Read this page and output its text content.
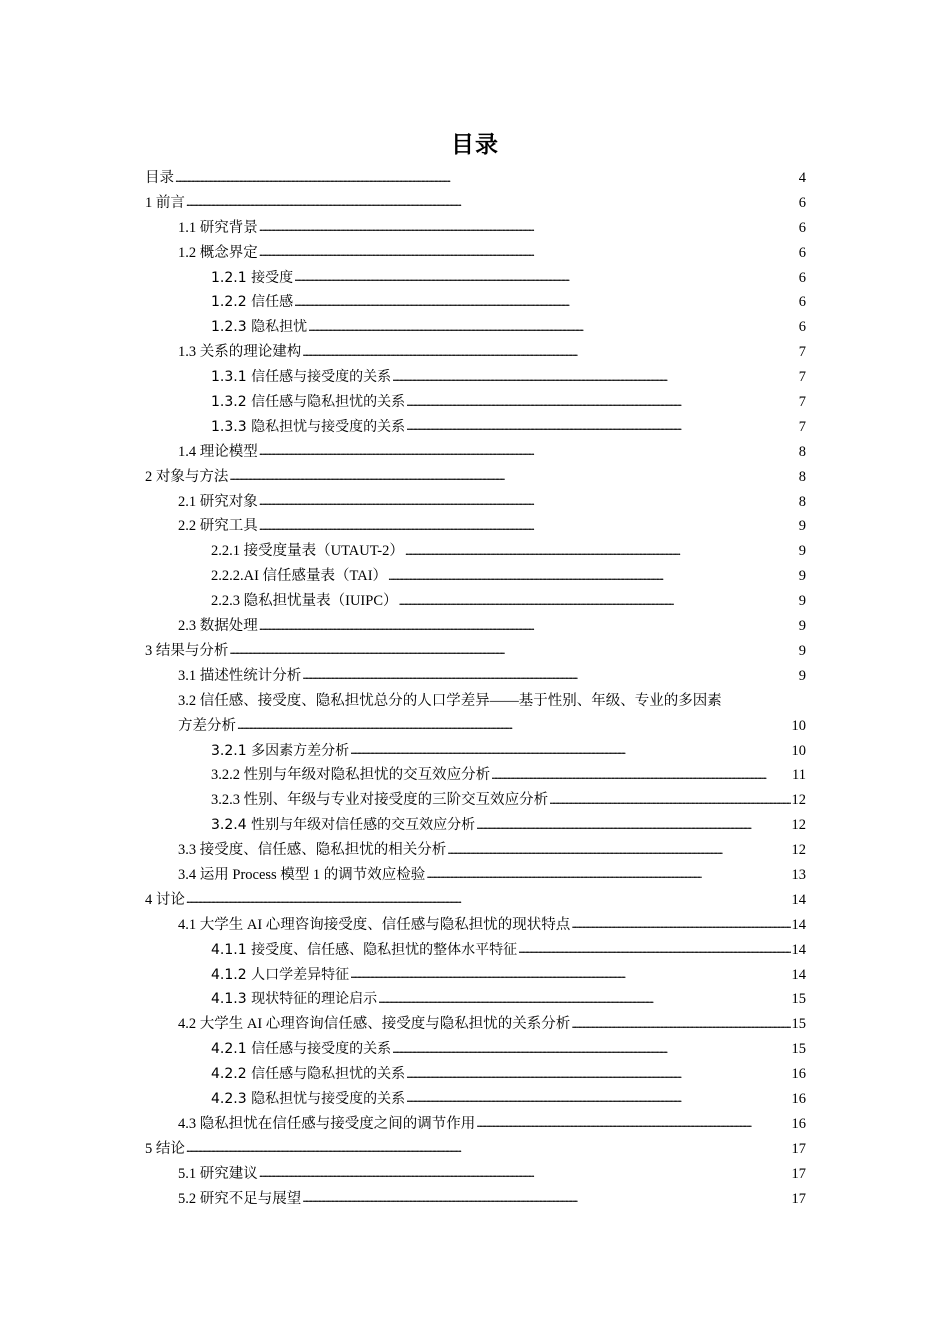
目录
目录 . . .	4
1 前言 . . .	6
1.1 研究背景 . . .	6
1.2 概念界定 . . .	6
1.2.1 接受度 . . .	6
1.2.2 信任感 . . .	6
1.2.3 隐私担忧 . . .	6
1.3 关系的理论建构 . . .	7
1.3.1 信任感与接受度的关系 . . .	7
1.3.2 信任感与隐私担忧的关系 . . .	7
1.3.3 隐私担忧与接受度的关系 . . .	7
1.4 理论模型 . . .	8
2 对象与方法 . . .	8
2.1 研究对象 . . .	8
2.2 研究工具 . . .	9
2.2.1 接受度量表（UTAUT-2） . . .	9
2.2.2.AI 信任感量表（TAI） . . .	9
2.2.3 隐私担忧量表（IUIPC） . . .	9
2.3 数据处理 . . .	9
3 结果与分析 . . .	9
3.1 描述性统计分析 . . .	9
3.2 信任感、接受度、隐私担忧总分的人口学差异——基于性别、年级、专业的多因素
方差分析 . . .	10
3.2.1 多因素方差分析 . . .	10
3.2.2 性别与年级对隐私担忧的交互效应分析 . . .	11
3.2.3 性别、年级与专业对接受度的三阶交互效应分析 . . .	12
3.2.4 性别与年级对信任感的交互效应分析 . . .	12
3.3 接受度、信任感、隐私担忧的相关分析 . . .	12
3.4 运用 Process 模型 1 的调节效应检验 . . .	13
4 讨论 . . .	14
4.1 大学生 AI 心理咨询接受度、信任感与隐私担忧的现状特点 . . .	14
4.1.1 接受度、信任感、隐私担忧的整体水平特征 . . .	14
4.1.2 人口学差异特征 . . .	14
4.1.3 现状特征的理论启示 . . .	15
4.2 大学生 AI 心理咨询信任感、接受度与隐私担忧的关系分析 . . .	15
4.2.1 信任感与接受度的关系 . . .	15
4.2.2 信任感与隐私担忧的关系 . . .	16
4.2.3 隐私担忧与接受度的关系 . . .	16
4.3 隐私担忧在信任感与接受度之间的调节作用 . . .	16
5 结论 . . .	17
5.1 研究建议 . . .	17
5.2 研究不足与展望 . . .	17
